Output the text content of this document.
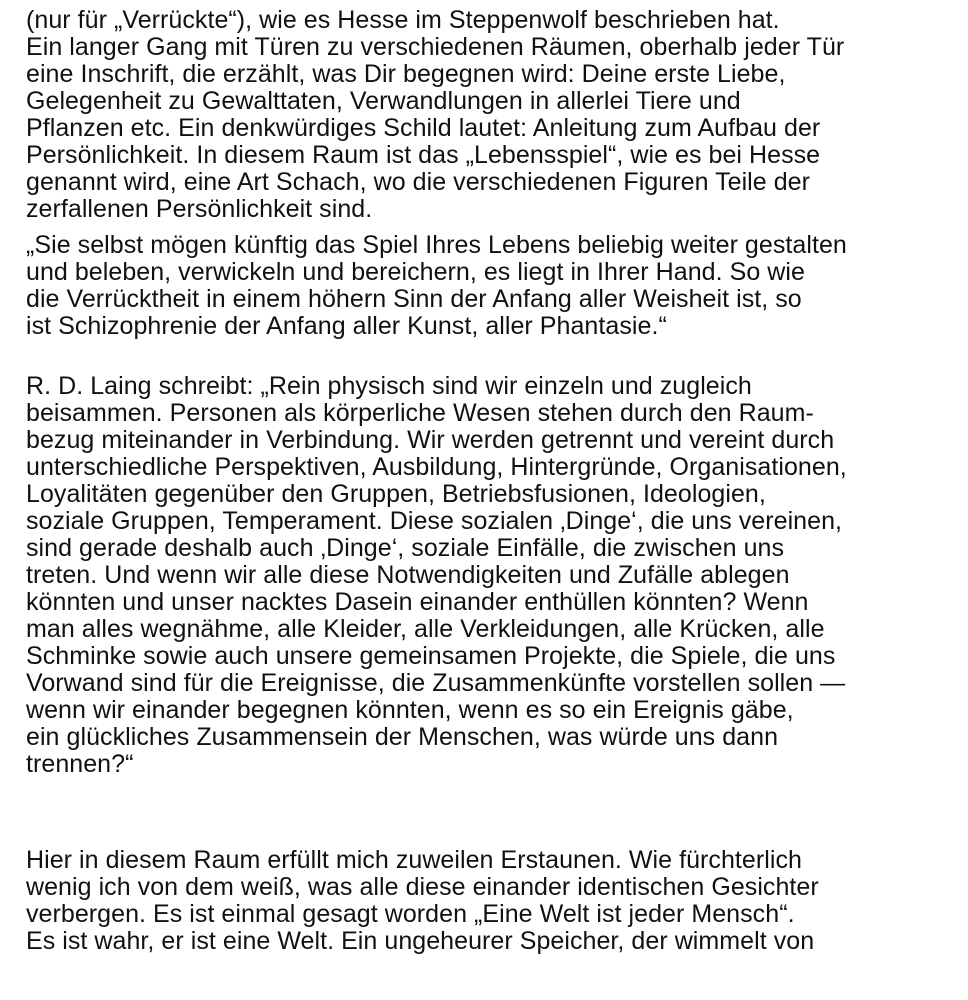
(nur für „Verrückte“), wie es Hesse im Steppenwolf beschrieben hat.
Ein langer Gang mit Türen zu verschiedenen Räumen, oberhalb jeder Tür
eine Inschrift, die erzählt, was Dir begegnen wird: Deine erste Liebe,
Gelegenheit zu Gewalttaten, Verwandlungen in allerlei Tiere und
Pflanzen etc. Ein denkwürdiges Schild lautet: Anleitung zum Aufbau der
Persönlichkeit. In diesem Raum ist das „Lebensspiel“, wie es bei Hesse
genannt wird, eine Art Schach, wo die verschiedenen Figuren Teile der
zerfallenen Persönlichkeit sind.
„Sie selbst mögen künftig das Spiel Ihres Lebens beliebig weiter gestalten
und beleben, verwickeln und bereichern, es liegt in Ihrer Hand. So wie
die Verrücktheit in einem höhern Sinn der Anfang aller Weisheit ist, so
ist Schizophrenie der Anfang aller Kunst, aller Phantasie.“
R. D. Laing schreibt: „Rein physisch sind wir einzeln und zugleich
beisammen. Personen als körperliche Wesen stehen durch den Raum-
bezug miteinander in Verbindung. Wir werden getrennt und vereint durch
unterschiedliche Perspektiven, Ausbildung, Hintergründe, Organisationen,
Loyalitäten gegenüber den Gruppen, Betriebsfusionen, Ideologien,
soziale Gruppen, Temperament. Diese sozialen ‚Dinge‘, die uns vereinen,
sind gerade deshalb auch ‚Dinge‘, soziale Einfälle, die zwischen uns
treten. Und wenn wir alle diese Notwendigkeiten und Zufälle ablegen
könnten und unser nacktes Dasein einander enthüllen könnten? Wenn
man alles wegnähme, alle Kleider, alle Verkleidungen, alle Krücken, alle
Schminke sowie auch unsere gemeinsamen Projekte, die Spiele, die uns
Vorwand sind für die Ereignisse, die Zusammenkünfte vorstellen sollen —
wenn wir einander begegnen könnten, wenn es so ein Ereignis gäbe,
ein glückliches Zusammensein der Menschen, was würde uns dann
trennen?“
Hier in diesem Raum erfüllt mich zuweilen Erstaunen. Wie fürchterlich
wenig ich von dem weiß, was alle diese einander identischen Gesichter
verbergen. Es ist einmal gesagt worden „Eine Welt ist jeder Mensch“.
Es ist wahr, er ist eine Welt. Ein ungeheurer Speicher, der wimmelt von
